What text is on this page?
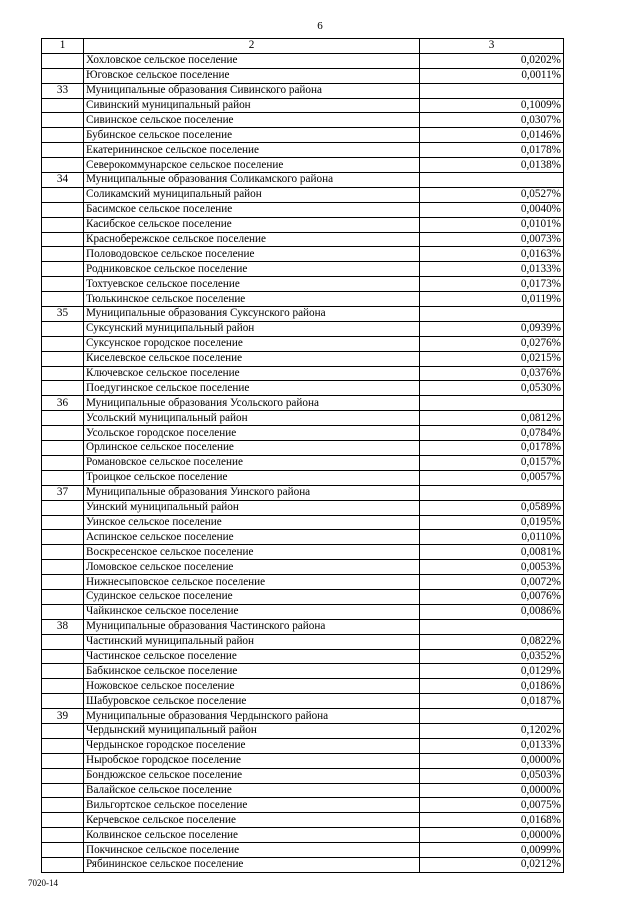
6
1	2	3
	Хохловское сельское поселение	0,0202%
	Юговское сельское поселение	0,0011%
33	Муниципальные образования Сивинского района	
	Сивинский муниципальный район	0,1009%
	Сивинское сельское поселение	0,0307%
	Бубинское сельское поселение	0,0146%
	Екатерининское сельское поселение	0,0178%
	Северокоммунарское сельское поселение	0,0138%
34	Муниципальные образования Соликамского района	
	Соликамский муниципальный район	0,0527%
	Басимское сельское поселение	0,0040%
	Касибское сельское поселение	0,0101%
	Краснобережское сельское поселение	0,0073%
	Половодовское сельское поселение	0,0163%
	Родниковское сельское поселение	0,0133%
	Тохтуевское сельское поселение	0,0173%
	Тюлькинское сельское поселение	0,0119%
35	Муниципальные образования Суксунского района	
	Суксунский муниципальный район	0,0939%
	Суксунское городское поселение	0,0276%
	Киселевское сельское поселение	0,0215%
	Ключевское сельское поселение	0,0376%
	Поедугинское сельское поселение	0,0530%
36	Муниципальные образования Усольского района	
	Усольский муниципальный район	0,0812%
	Усольское городское поселение	0,0784%
	Орлинское сельское поселение	0,0178%
	Романовское сельское поселение	0,0157%
	Троицкое сельское поселение	0,0057%
37	Муниципальные образования Уинского района	
	Уинский муниципальный район	0,0589%
	Уинское сельское поселение	0,0195%
	Аспинское сельское поселение	0,0110%
	Воскресенское сельское поселение	0,0081%
	Ломовское сельское поселение	0,0053%
	Нижнесыповское сельское поселение	0,0072%
	Судинское сельское поселение	0,0076%
	Чайкинское сельское поселение	0,0086%
38	Муниципальные образования Частинского района	
	Частинский муниципальный район	0,0822%
	Частинское сельское поселение	0,0352%
	Бабкинское сельское поселение	0,0129%
	Ножовское сельское поселение	0,0186%
	Шабуровское сельское поселение	0,0187%
39	Муниципальные образования Чердынского района	
	Чердынский муниципальный район	0,1202%
	Чердынское городское поселение	0,0133%
	Ныробское городское поселение	0,0000%
	Бондюжское сельское поселение	0,0503%
	Валайское сельское поселение	0,0000%
	Вильгортское сельское поселение	0,0075%
	Керчевское сельское поселение	0,0168%
	Колвинское сельское поселение	0,0000%
	Покчинское сельское поселение	0,0099%
	Рябининское сельское поселение	0,0212%
7020-14
